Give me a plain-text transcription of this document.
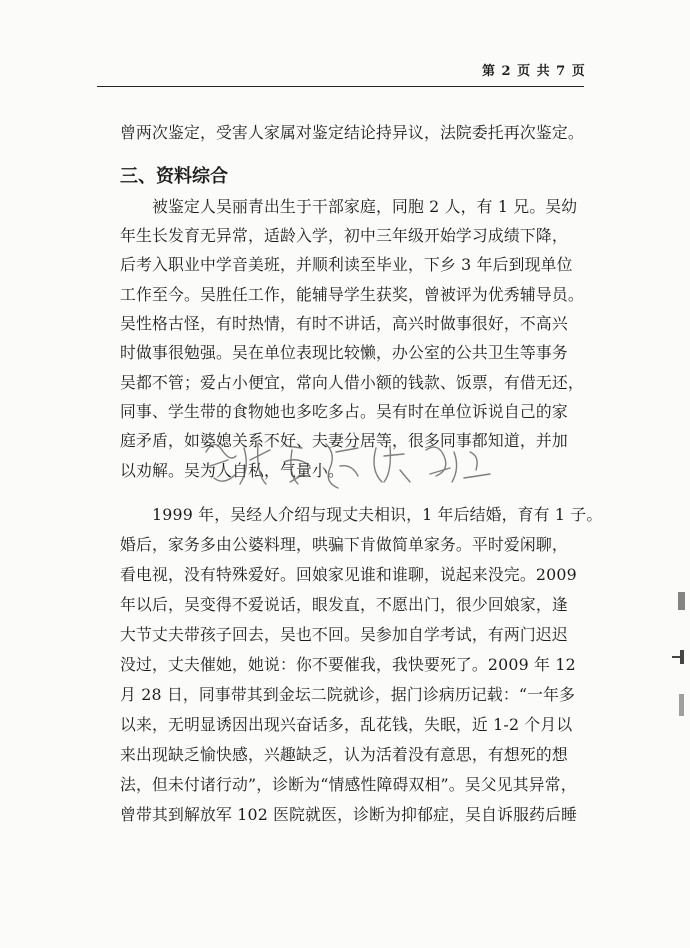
第 2 页 共 7 页
曾两次鉴定，受害人家属对鉴定结论持异议，法院委托再次鉴定。
三、资料综合
　　被鉴定人吴丽青出生于干部家庭，同胞 2 人，有 1 兄。吴幼
年生长发育无异常，适龄入学，初中三年级开始学习成绩下降，
后考入职业中学音美班，并顺利读至毕业，下乡 3 年后到现单位
工作至今。吴胜任工作，能辅导学生获奖，曾被评为优秀辅导员。
吴性格古怪，有时热情，有时不讲话，高兴时做事很好，不高兴
时做事很勉强。吴在单位表现比较懒，办公室的公共卫生等事务
吴都不管；爱占小便宜，常向人借小额的钱款、饭票，有借无还，
同事、学生带的食物她也多吃多占。吴有时在单位诉说自己的家
庭矛盾，如婆媳关系不好、夫妻分居等，很多同事都知道，并加
以劝解。吴为人自私，气量小。
　　1999 年，吴经人介绍与现丈夫相识，1 年后结婚，育有 1 子。
婚后，家务多由公婆料理，哄骗下肯做简单家务。平时爱闲聊，
看电视，没有特殊爱好。回娘家见谁和谁聊，说起来没完。2009
年以后，吴变得不爱说话，眼发直，不愿出门，很少回娘家，逢
大节丈夫带孩子回去，吴也不回。吴参加自学考试，有两门迟迟
没过，丈夫催她，她说：你不要催我，我快要死了。2009 年 12
月 28 日，同事带其到金坛二院就诊，据门诊病历记载：“一年多
以来，无明显诱因出现兴奋话多，乱花钱，失眠，近 1-2 个月以
来出现缺乏愉快感，兴趣缺乏，认为活着没有意思，有想死的想
法，但未付诸行动”，诊断为“情感性障碍双相”。吴父见其异常，
曾带其到解放军 102 医院就医，诊断为抑郁症，吴自诉服药后睡
